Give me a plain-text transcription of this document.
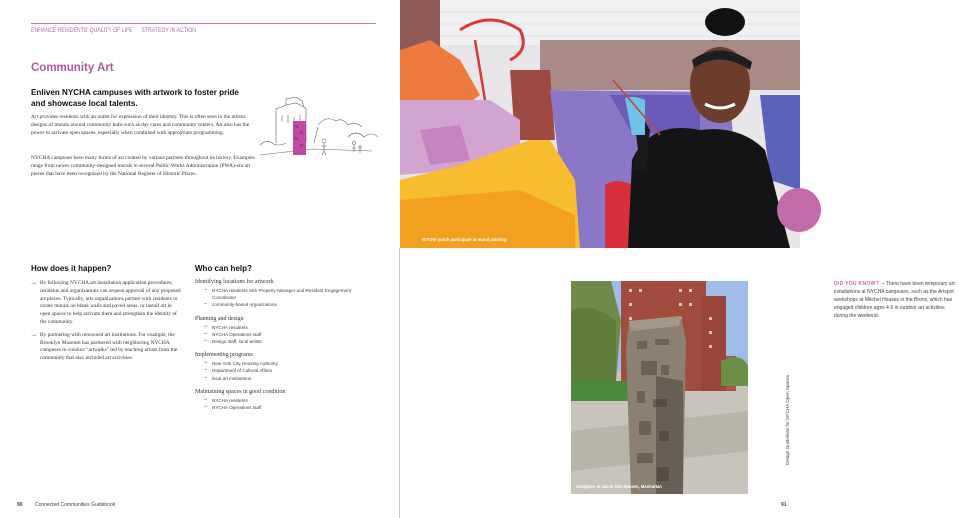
ENHANCE RESIDENTS' QUALITY OF LIFE STRATEGY IN ACTION
Community Art
Enliven NYCHA campuses with artwork to foster pride and showcase local talents.

Art provides residents with an outlet for expression of their identity. This is often seen in the artistic designs of murals around community hubs such as day cares and community centers. Art also has the power to activate open spaces, especially when combined with appropriate programming.

NYCHA campuses have many forms of art created by various partners throughout its history. Examples range from newer community-designed murals to several Public Works Administration (PWA)-era art pieces that have been recognized by the National Register of Historic Places.

How does it happen?
→ By following NYCHA art installation application procedures, residents and organizations can request approval of any proposed art pieces. Typically, arts organizations partner with residents to create murals on blank walls and paved areas, or install art in open spaces to help activate them and strengthen the identity of the community.
→ By partnering with renowned art institutions. For example, the Brooklyn Museum has partnered with neighboring NYCHA campuses to conduct "artwalks" led by teaching artists from the community that also included art activities.
Who can help?
Identifying locations for artwork
→ NYCHA residents with Property Manager and Resident Engagement Coordinator
→ community-based organizations
Planning and design
→ NYCHA residents
→ NYCHA Operations staff
→ Design staff, local artists
Implementing programs
→ New York City Housing Authority
→ Department of Cultural Affairs
→ local art institutions
Maintaining spaces in good condition
→ NYCHA residents
→ NYCHA Operations staff
90 Connected Communities Guidebook
NYCHA youth participate in mural painting
DID YOU KNOW? → There have been temporary art installations at NYCHA campuses, such as the Artspot workshops at Mitchel Houses in the Bronx, which has engaged children ages 4-9 in outdoor art activities during the weekend.
Sculpture at Jacob Riis Houses, Manhattan
Design Guidelines for NYCHA Open Spaces
91
